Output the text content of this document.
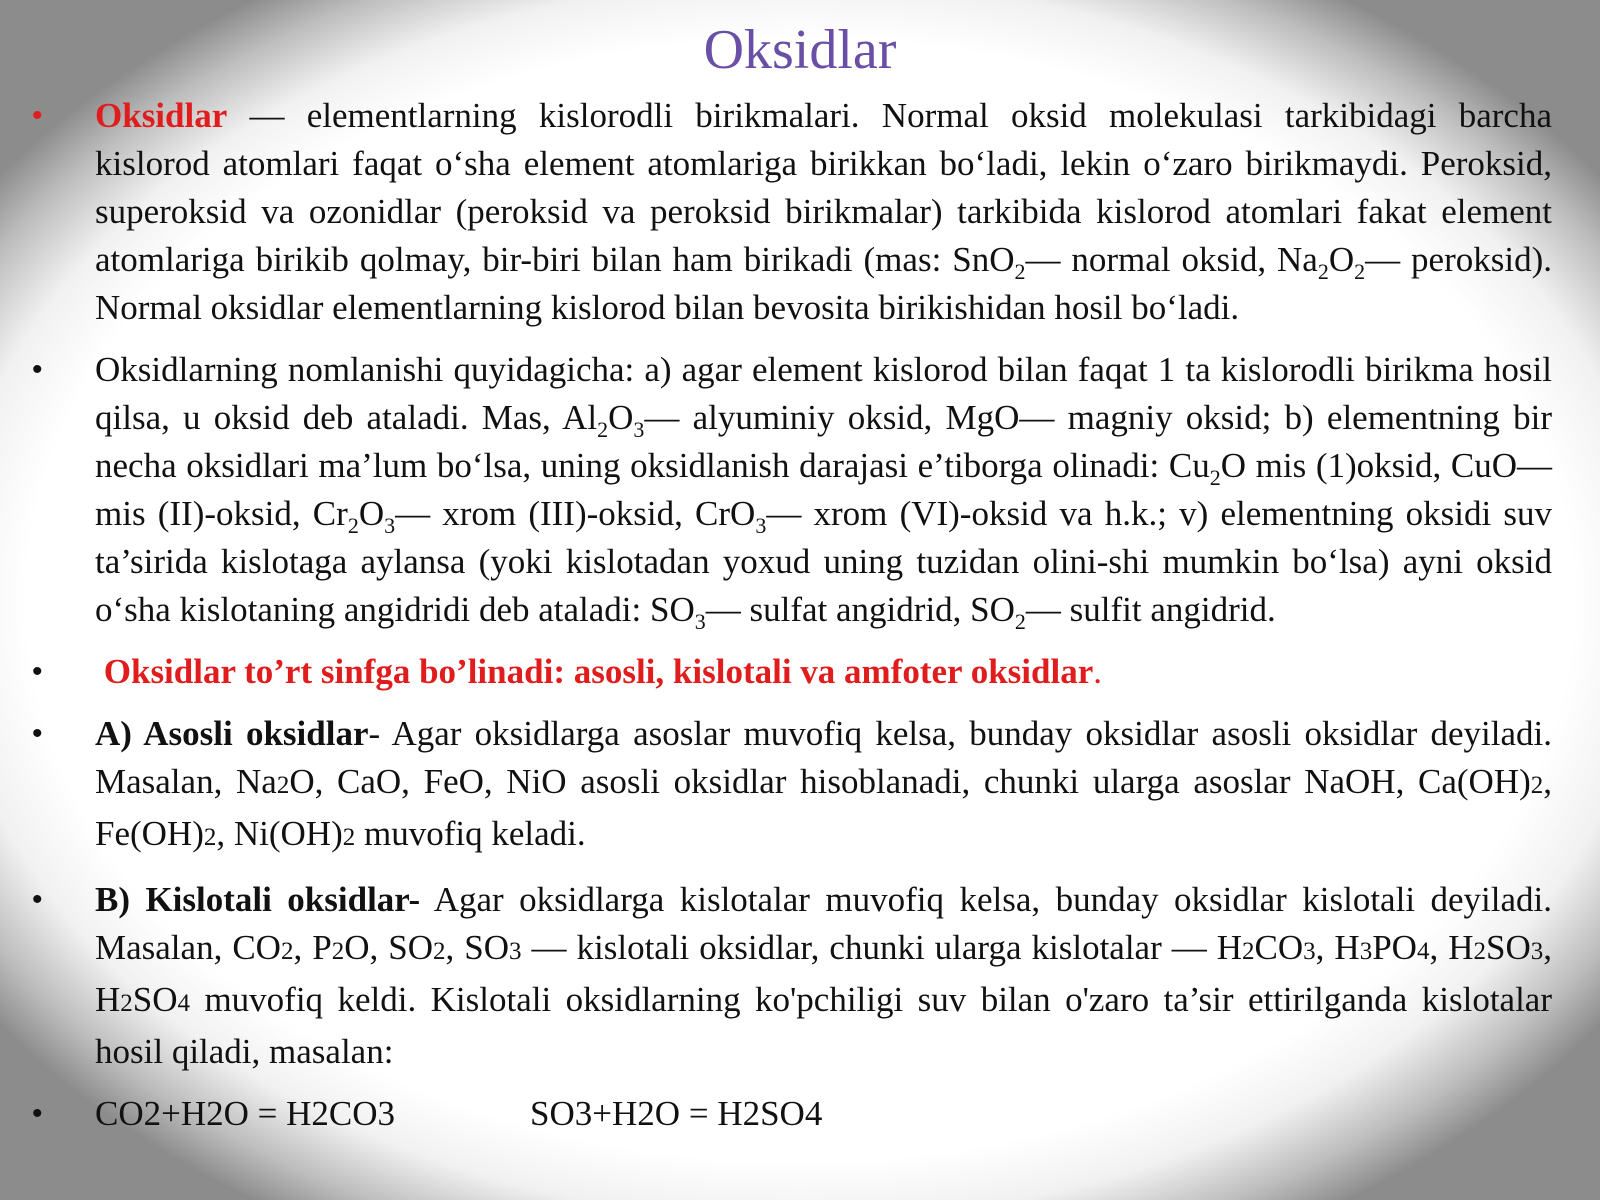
Oksidlar
• Oksidlar — elementlarning kislorodli birikmalari. Normal oksid molekulasi tarkibidagi barcha kislorod atomlari faqat o‘sha element atomlariga birikkan bo‘ladi, lekin o‘zaro birikmaydi. Peroksid, superoksid va ozonidlar (peroksid va peroksid birikmalar) tarkibida kislorod atomlari fakat element atomlariga birikib qolmay, bir-biri bilan ham birikadi (mas: SnO$_2$— normal oksid, $Na_2O_2—$ peroksid). Normal oksidlar elementlarning kislorod bilan bevosita birikishidan hosil bo‘ladi.

• Oksidlarning nomlanishi quyidagicha: a) agar element kislorod bilan faqat 1 ta kislorodli birikma hosil qilsa, u oksid deb ataladi. Mas, $Al_2O_3—$ alyuminiy oksid, MgO— magniy oksid; b) elementning bir necha oksidlari ma’lum bo‘lsa, uning oksidlanish darajasi e’tiborga olinadi: $Cu_2O$ mis (1)oksid, CuO— mis (II)-oksid, $Cr_2O_3—$ xrom (III)-oksid, CrO$_3$— xrom (VI)-oksid va h.k.; v) elementning oksidi suv ta’sirida kislotaga aylansa (yoki kislotadan yoxud uning tuzidan olini-shi mumkin bo‘lsa) ayni oksid o‘sha kislotaning angidridi deb ataladi: $SO_3—$ sulfat angidrid, $SO_2—$ sulfit angidrid.

• Oksidlar to’rt sinfga bo’linadi: asosli, kislotali va amfoter oksidlar.

• A) Asosli oksidlar- Agar oksidlarga asoslar muvofiq kelsa, bunday oksidlar asosli oksidlar deyiladi. Masalan, Na2O, CaO, FeO, NiO asosli oksidlar hisoblanadi, chunki ularga asoslar NaOH, Ca(OH)2, Fe(OH)2, Ni(OH)2 muvofiq keladi.

• B) Kislotali oksidlar- Agar oksidlarga kislotalar muvofiq kelsa, bunday oksidlar kislotali deyiladi. Masalan, CO2, P2O, SO2, SO3 — kislotali oksidlar, chunki ularga kislotalar — H2CO3, H3PO4, H2SO3, H2SO4 muvofiq keldi. Kislotali oksidlarning ko'pchiligi suv bilan o'zaro ta’sir ettirilganda kislotalar hosil qiladi, masalan:

• CO2+H2O = H2CO3	SO3+H2O = H2SO4
